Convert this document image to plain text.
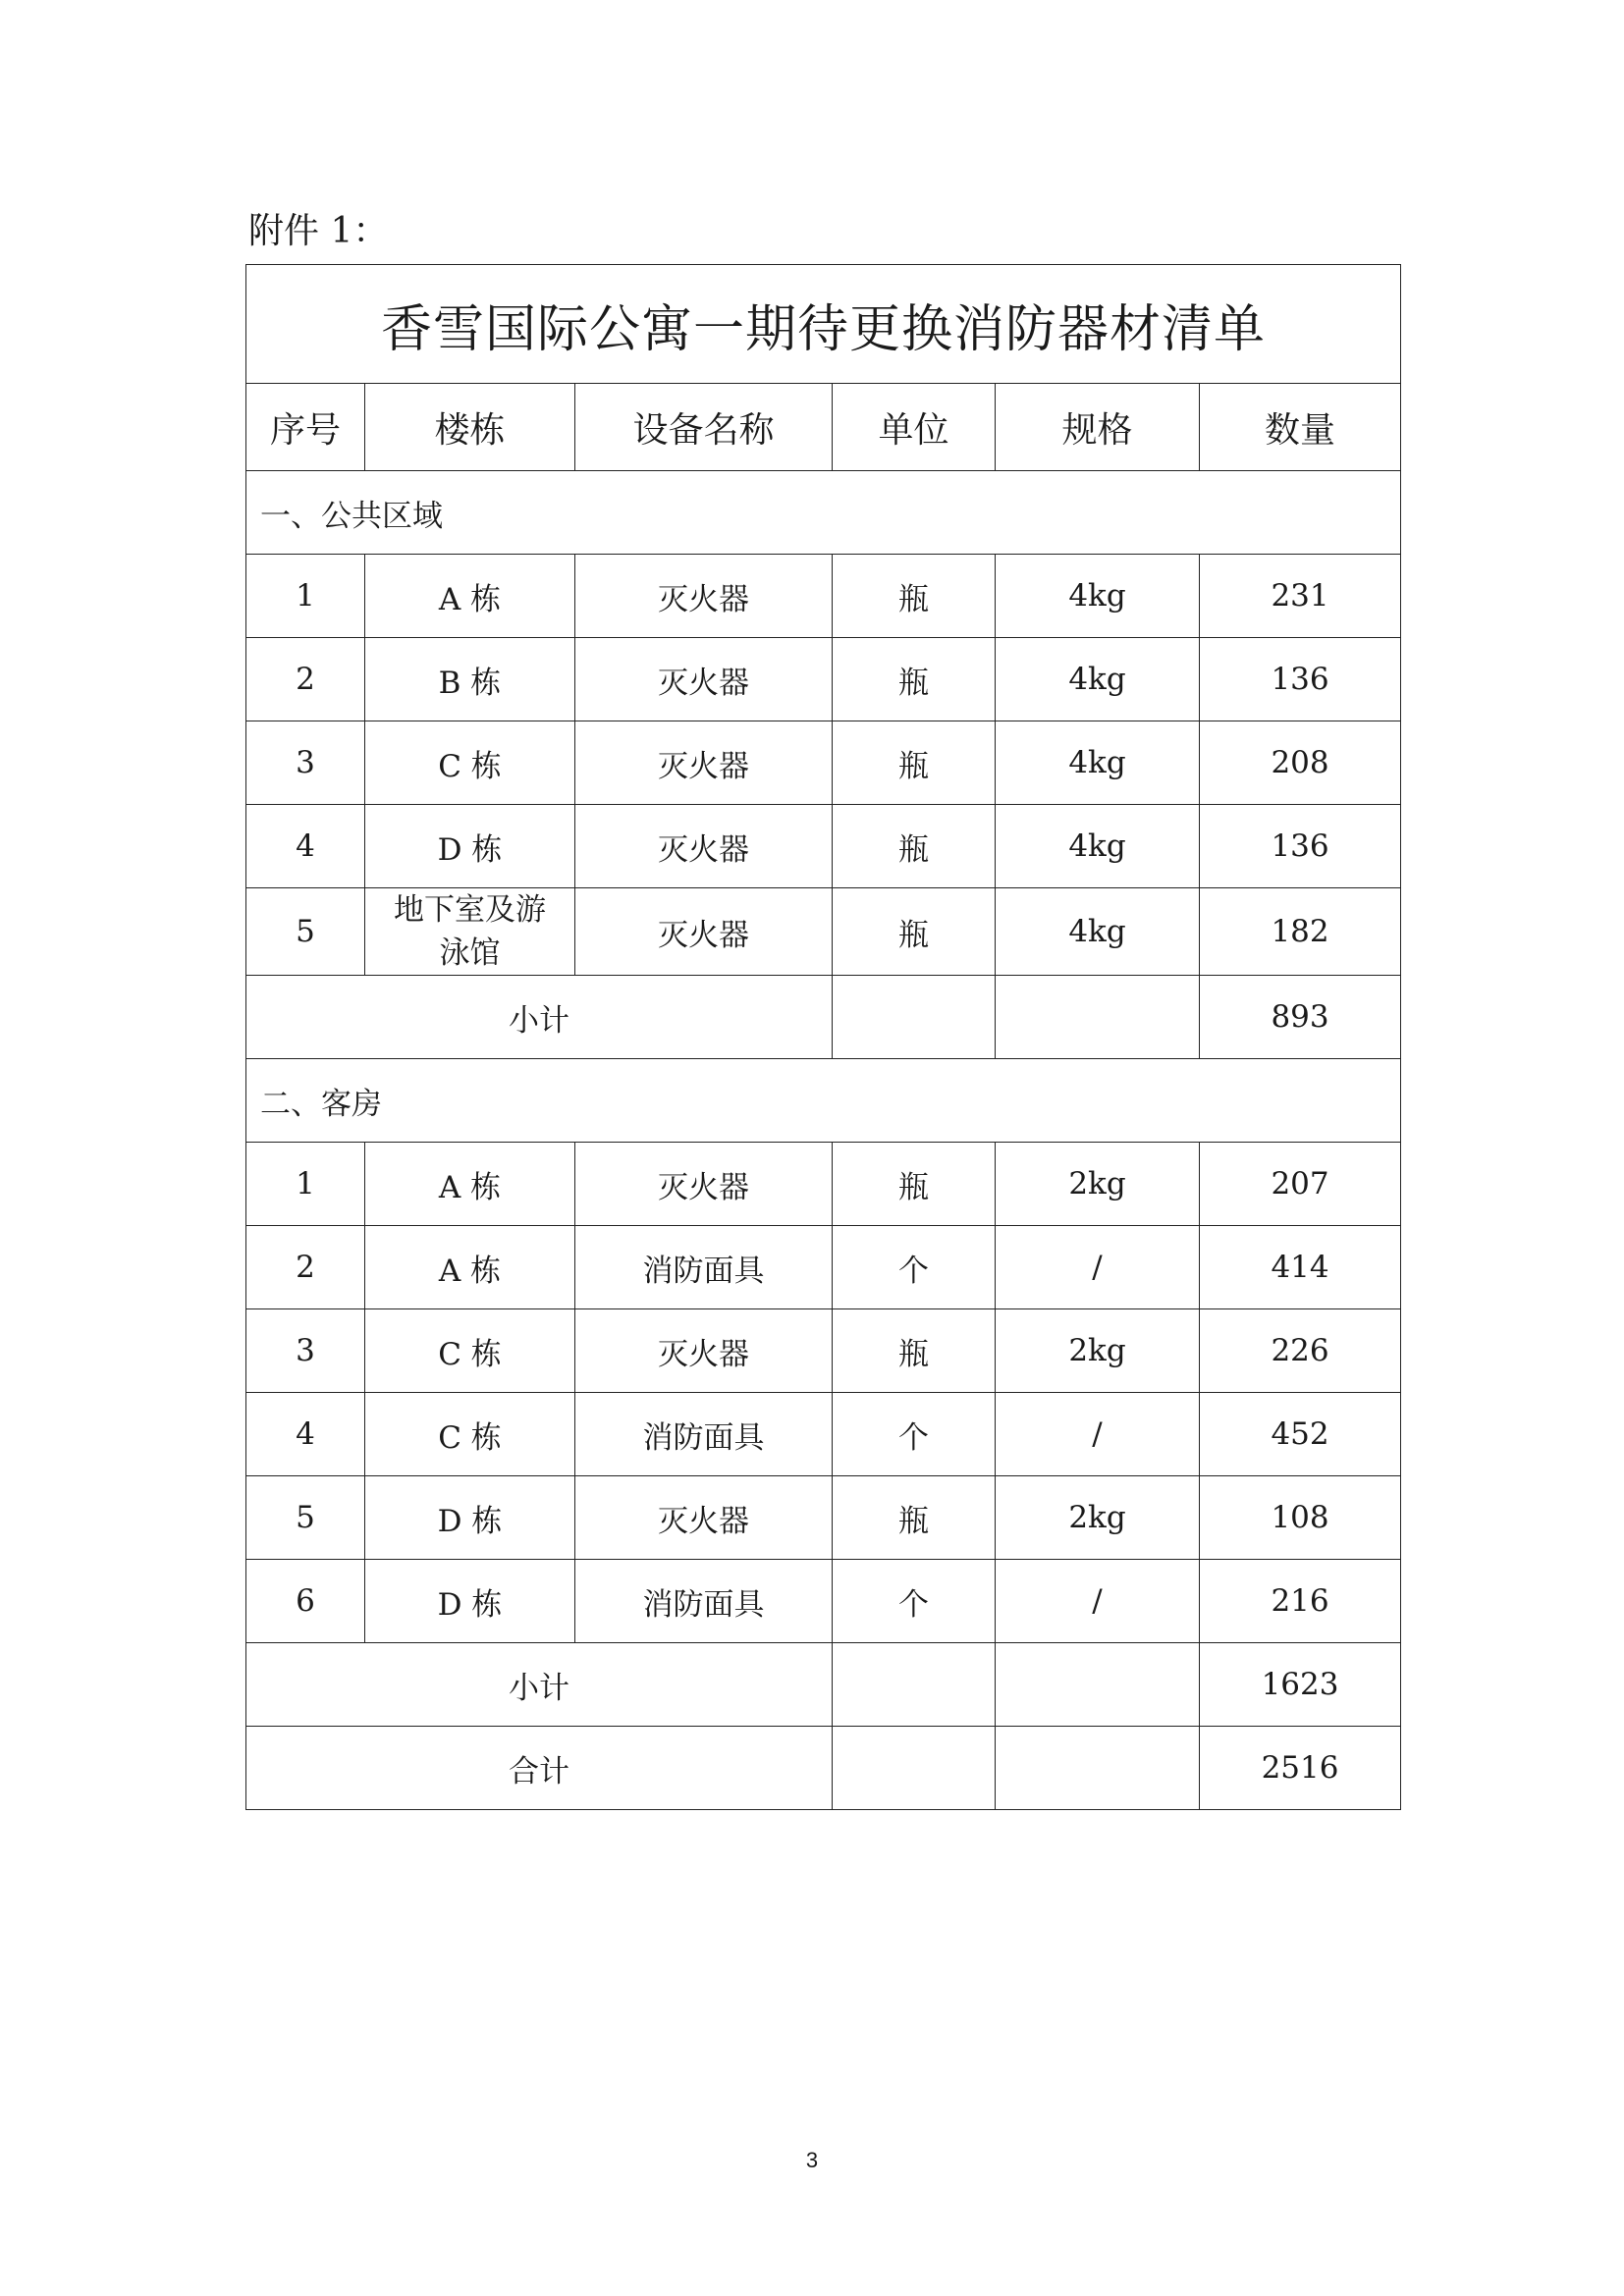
附件 1：
香雪国际公寓一期待更换消防器材清单					
序号	楼栋	设备名称	单位	规格	数量
一、公共区域					
1	A 栋	灭火器	瓶	4kg	231
2	B 栋	灭火器	瓶	4kg	136
3	C 栋	灭火器	瓶	4kg	208
4	D 栋	灭火器	瓶	4kg	136
5	地下室及游泳馆	灭火器	瓶	4kg	182
小计					893
二、客房					
1	A 栋	灭火器	瓶	2kg	207
2	A 栋	消防面具	个	/	414
3	C 栋	灭火器	瓶	2kg	226
4	C 栋	消防面具	个	/	452
5	D 栋	灭火器	瓶	2kg	108
6	D 栋	消防面具	个	/	216
小计					1623
合计					2516
3
